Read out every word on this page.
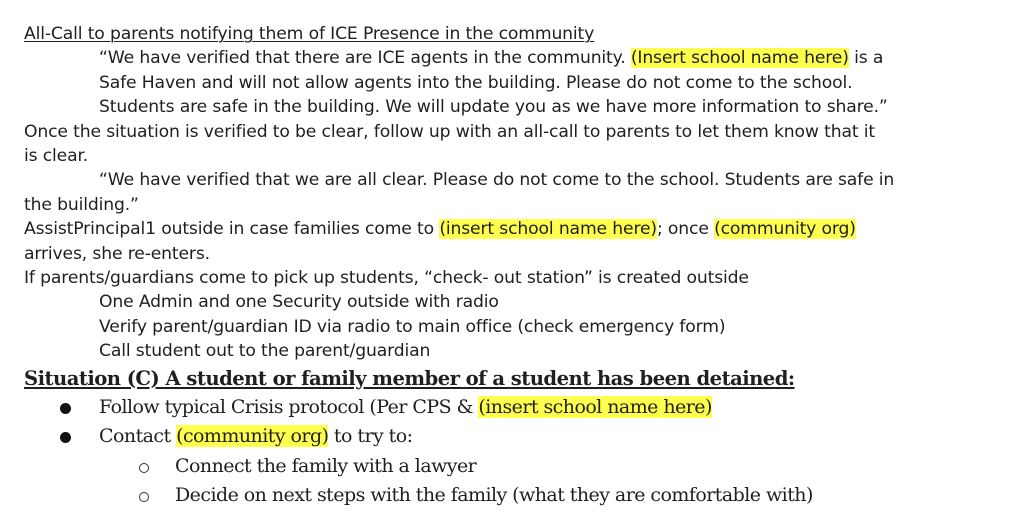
All-Call to parents notifying them of ICE Presence in the community
“We have verified that there are ICE agents in the community. (Insert school name here) is a
Safe Haven and will not allow agents into the building. Please do not come to the school.
Students are safe in the building. We will update you as we have more information to share.”
Once the situation is verified to be clear, follow up with an all-call to parents to let them know that it
is clear.
“We have verified that we are all clear. Please do not come to the school. Students are safe in
the building.”
AssistPrincipal1 outside in case families come to (insert school name here); once (community org)
arrives, she re-enters.
If parents/guardians come to pick up students, “check- out station” is created outside
One Admin and one Security outside with radio
Verify parent/guardian ID via radio to main office (check emergency form)
Call student out to the parent/guardian
Situation (C) A student or family member of a student has been detained:
Follow typical Crisis protocol (Per CPS & (insert school name here)
Contact (community org) to try to:
Connect the family with a lawyer
Decide on next steps with the family (what they are comfortable with)
